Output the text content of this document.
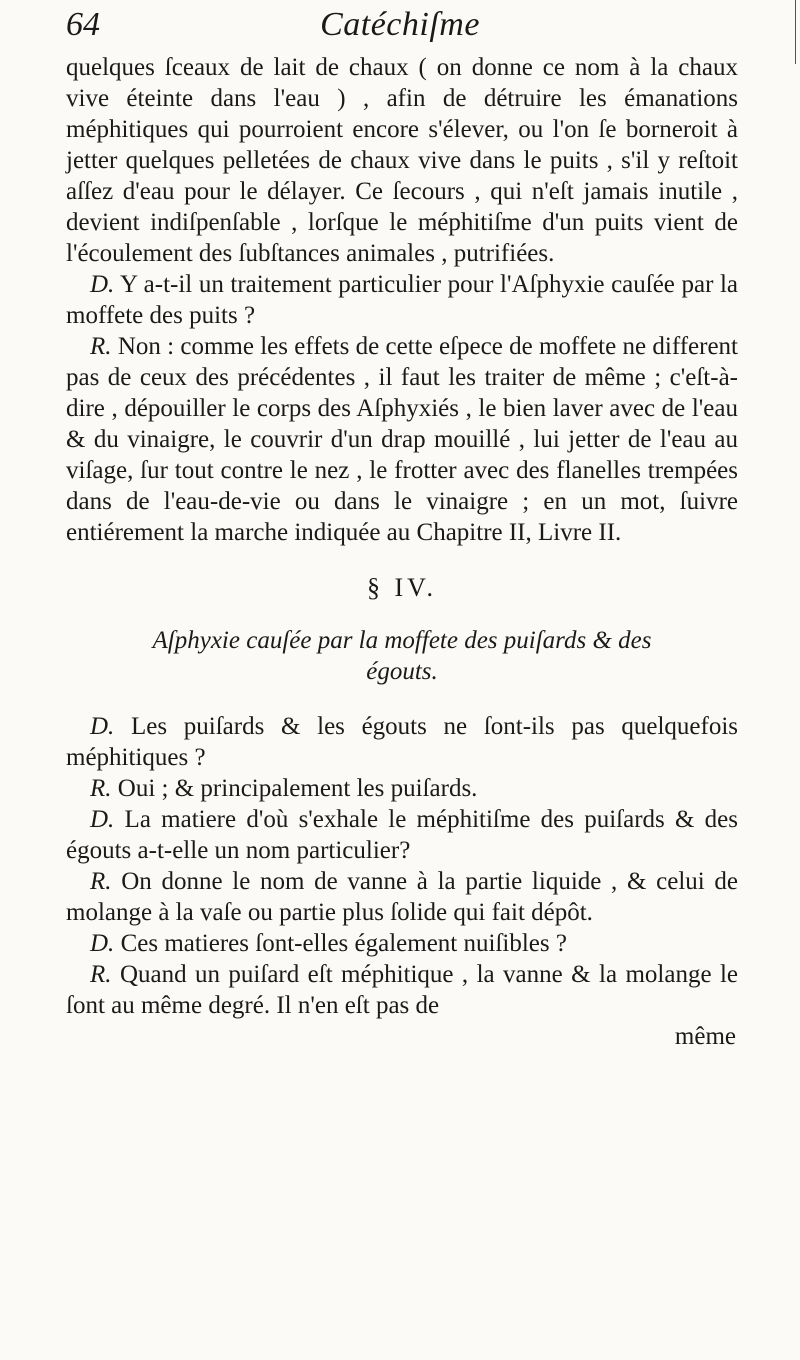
64	Catéchiſme

quelques ſceaux de lait de chaux ( on donne ce nom à la chaux vive éteinte dans l'eau ) , afin de détruire les émanations méphitiques qui pourroient encore s'élever, ou l'on ſe borneroit à jetter quelques pelletées de chaux vive dans le puits , s'il y reſtoit aſſez d'eau pour le délayer. Ce ſecours , qui n'eſt jamais inutile , devient indiſpenſable , lorſque le méphitiſme d'un puits vient de l'écoulement des ſubſtances animales , putrifiées.

D. Y a-t-il un traitement particulier pour l'Aſphyxie cauſée par la moffete des puits ?

R. Non : comme les effets de cette eſpece de moffete ne different pas de ceux des précédentes , il faut les traiter de même ; c'eſt-à-dire , dépouiller le corps des Aſphyxiés , le bien laver avec de l'eau & du vinaigre, le couvrir d'un drap mouillé , lui jetter de l'eau au viſage, ſur tout contre le nez , le frotter avec des flanelles trempées dans de l'eau-de-vie ou dans le vinaigre ; en un mot, ſuivre entiérement la marche indiquée au Chapitre II, Livre II.

§ IV.
Aſphyxie cauſée par la moffete des puiſards & des
égouts.

D. Les puiſards & les égouts ne ſont-ils pas quelquefois méphitiques ?

R. Oui ; & principalement les puiſards.

D. La matiere d'où s'exhale le méphitiſme des puiſards & des égouts a-t-elle un nom particulier?

R. On donne le nom de vanne à la partie liquide , & celui de molange à la vaſe ou partie plus ſolide qui fait dépôt.

D. Ces matieres ſont-elles également nuiſibles ?

R. Quand un puiſard eſt méphitique , la vanne & la molange le ſont au même degré. Il n'en eſt pas de

même
